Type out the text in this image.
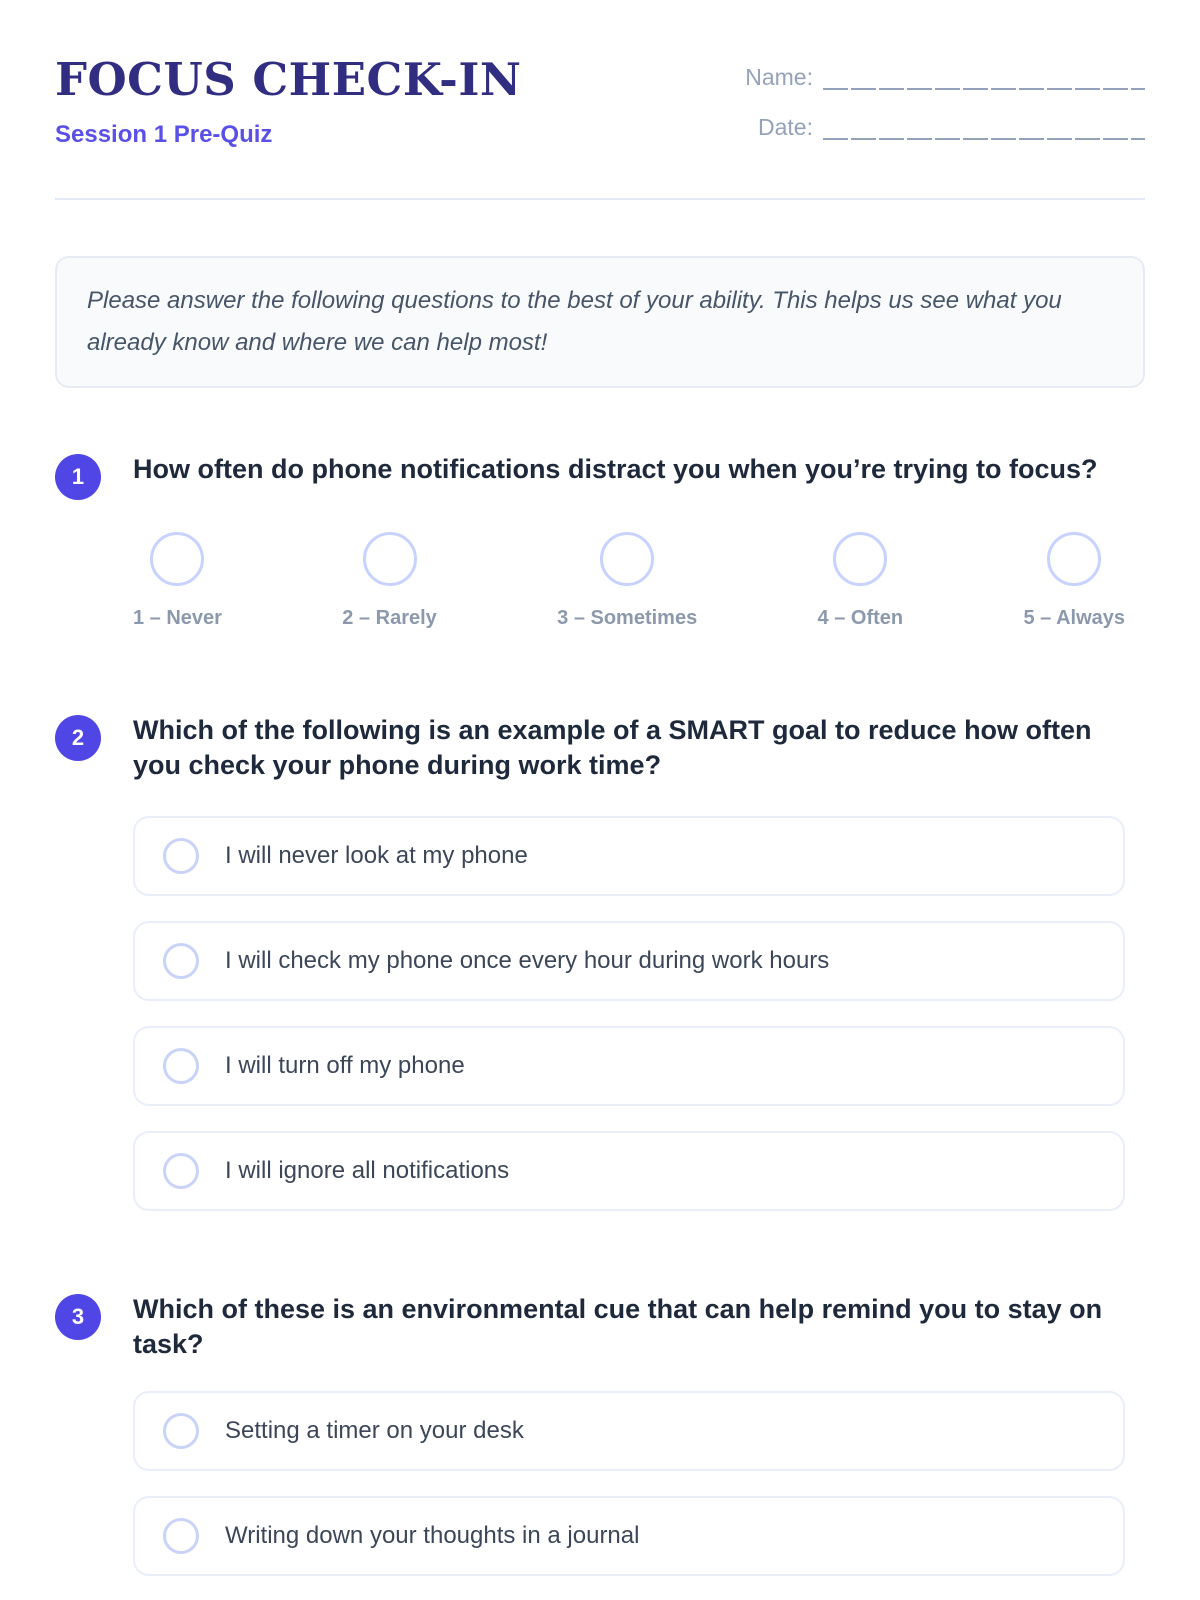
FOCUS CHECK-IN
Session 1 Pre-Quiz
Name:
Date:
Please answer the following questions to the best of your ability. This helps us see what you already know and where we can help most!
1 How often do phone notifications distract you when you’re trying to focus?
1 – Never	2 – Rarely	3 – Sometimes	4 – Often	5 – Always
2 Which of the following is an example of a SMART goal to reduce how often you check your phone during work time?
I will never look at my phone
I will check my phone once every hour during work hours
I will turn off my phone
I will ignore all notifications
3 Which of these is an environmental cue that can help remind you to stay on task?
Setting a timer on your desk
Writing down your thoughts in a journal
